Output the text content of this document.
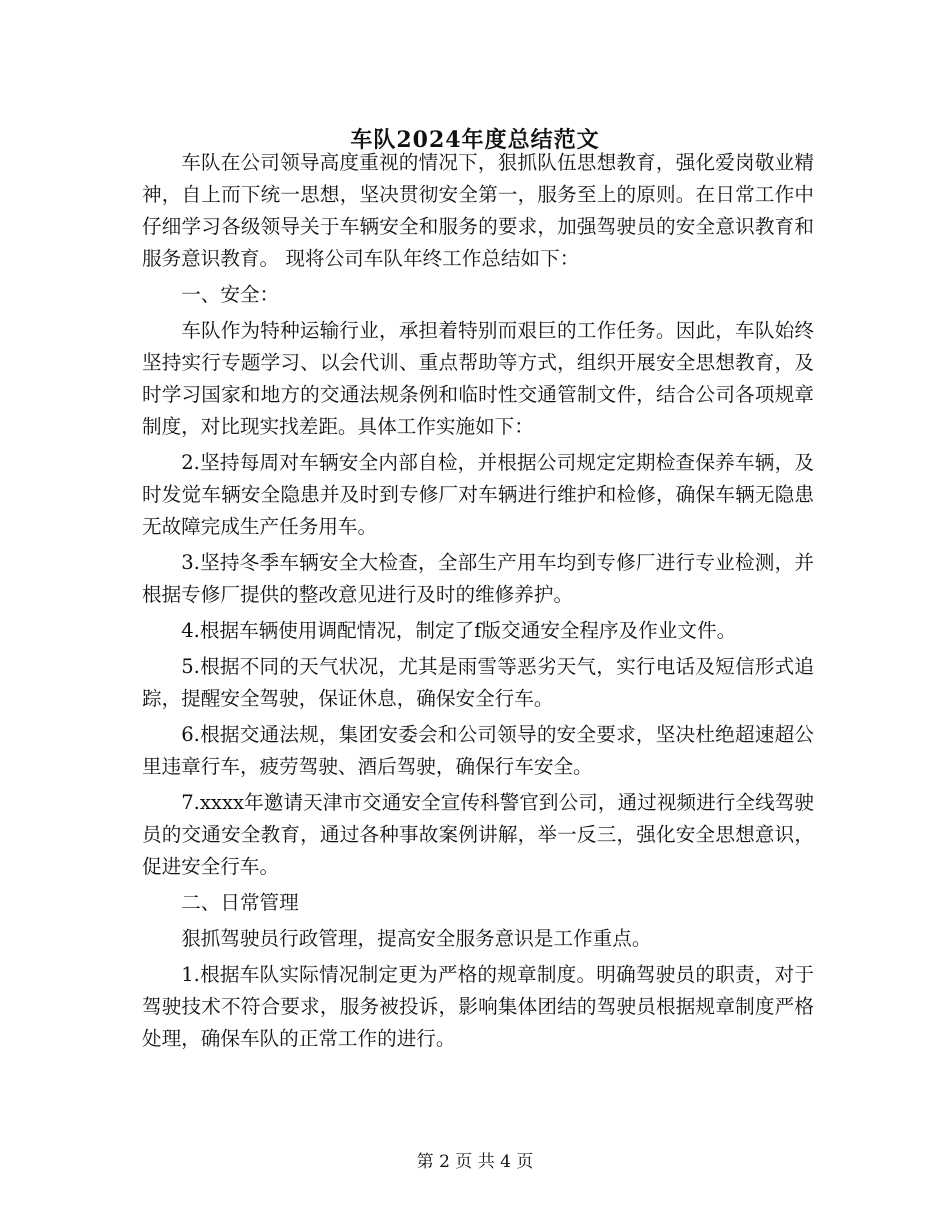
车队2024年度总结范文

车队在公司领导高度重视的情况下，狠抓队伍思想教育，强化爱岗敬业精神，自上而下统一思想，坚决贯彻安全第一，服务至上的原则。在日常工作中仔细学习各级领导关于车辆安全和服务的要求，加强驾驶员的安全意识教育和服务意识教育。 现将公司车队年终工作总结如下：

一、安全：

车队作为特种运输行业，承担着特别而艰巨的工作任务。因此，车队始终坚持实行专题学习、以会代训、重点帮助等方式，组织开展安全思想教育，及时学习国家和地方的交通法规条例和临时性交通管制文件，结合公司各项规章制度，对比现实找差距。具体工作实施如下：

2.坚持每周对车辆安全内部自检，并根据公司规定定期检查保养车辆，及时发觉车辆安全隐患并及时到专修厂对车辆进行维护和检修，确保车辆无隐患无故障完成生产任务用车。

3.坚持冬季车辆安全大检查，全部生产用车均到专修厂进行专业检测，并根据专修厂提供的整改意见进行及时的维修养护。

4.根据车辆使用调配情况，制定了f版交通安全程序及作业文件。

5.根据不同的天气状况，尤其是雨雪等恶劣天气，实行电话及短信形式追踪，提醒安全驾驶，保证休息，确保安全行车。

6.根据交通法规，集团安委会和公司领导的安全要求，坚决杜绝超速超公里违章行车，疲劳驾驶、酒后驾驶，确保行车安全。

7.xxxx年邀请天津市交通安全宣传科警官到公司，通过视频进行全线驾驶员的交通安全教育，通过各种事故案例讲解，举一反三，强化安全思想意识，促进安全行车。

二、日常管理

狠抓驾驶员行政管理，提高安全服务意识是工作重点。

1.根据车队实际情况制定更为严格的规章制度。明确驾驶员的职责，对于驾驶技术不符合要求，服务被投诉，影响集体团结的驾驶员根据规章制度严格处理，确保车队的正常工作的进行。

第 2 页 共 4 页
